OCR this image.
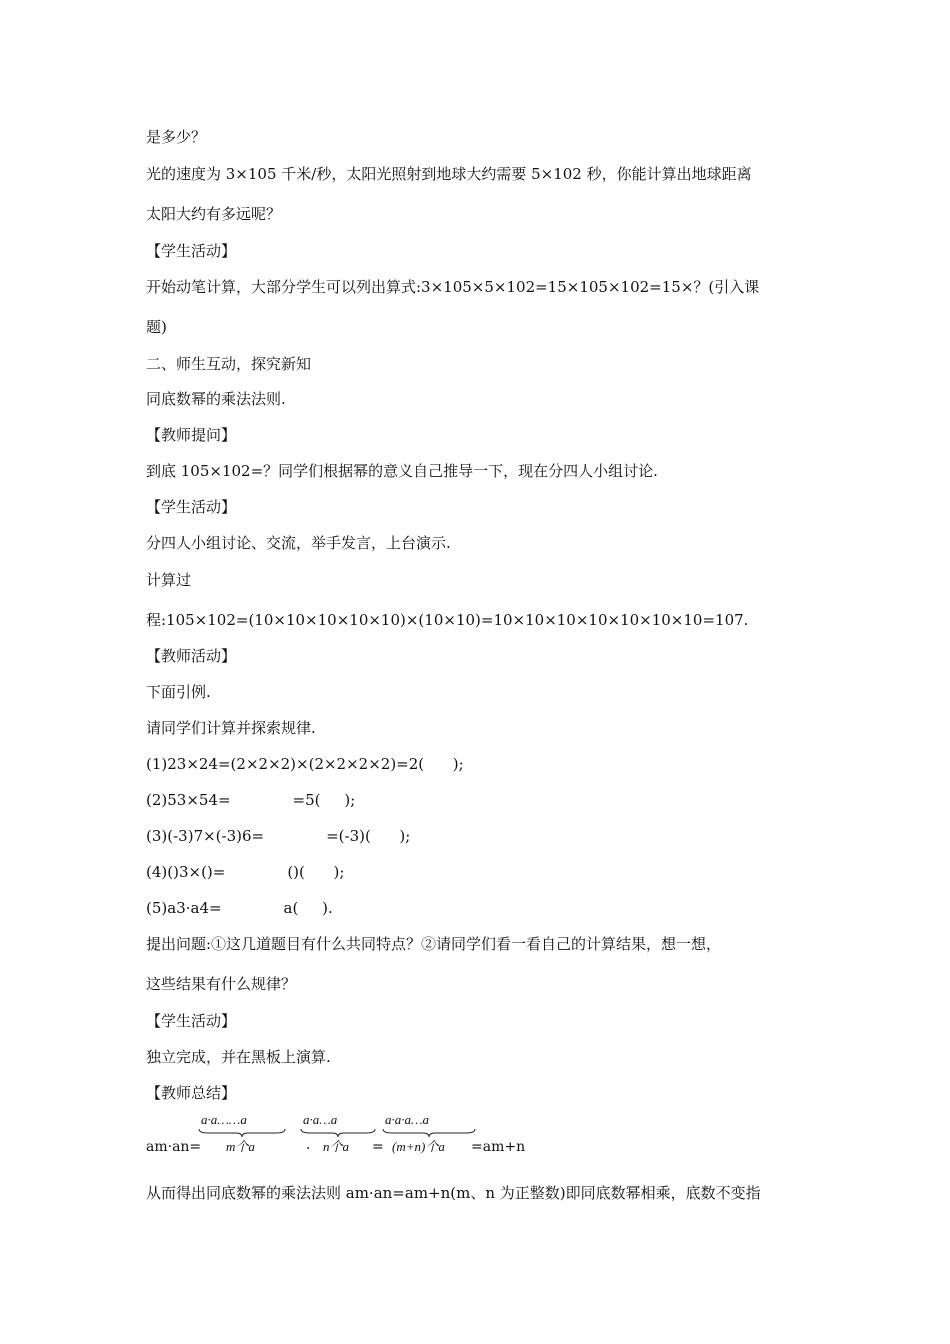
是多少？
光的速度为 3×105 千米/秒，太阳光照射到地球大约需要 5×102 秒，你能计算出地球距离
太阳大约有多远呢？
【学生活动】
开始动笔计算，大部分学生可以列出算式:3×105×5×102=15×105×102=15×？(引入课
题)
二、师生互动，探究新知
同底数幂的乘法法则.
【教师提问】
到底 105×102=？同学们根据幂的意义自己推导一下，现在分四人小组讨论.
【学生活动】
分四人小组讨论、交流，举手发言，上台演示.
计算过
程:105×102=(10×10×10×10×10)×(10×10)=10×10×10×10×10×10×10=107.
【教师活动】
下面引例.
请同学们计算并探索规律.
(1)23×24=(2×2×2)×(2×2×2×2)=2(      );
(2)53×54=             =5(     );
(3)(-3)7×(-3)6=             =(-3)(      );
(4)()3×()=             ()(      );
(5)a3·a4=             a(     ).
提出问题:①这几道题目有什么共同特点？②请同学们看一看自己的计算结果，想一想，
这些结果有什么规律？
【学生活动】
独立完成，并在黑板上演算.
【教师总结】
am·an=
a·a……a
m个a	·
a·a…a
n个a =
a·a·a…a
(m+n)个a =am+n
从而得出同底数幂的乘法法则 am·an=am+n(m、n 为正整数)即同底数幂相乘，底数不变指
